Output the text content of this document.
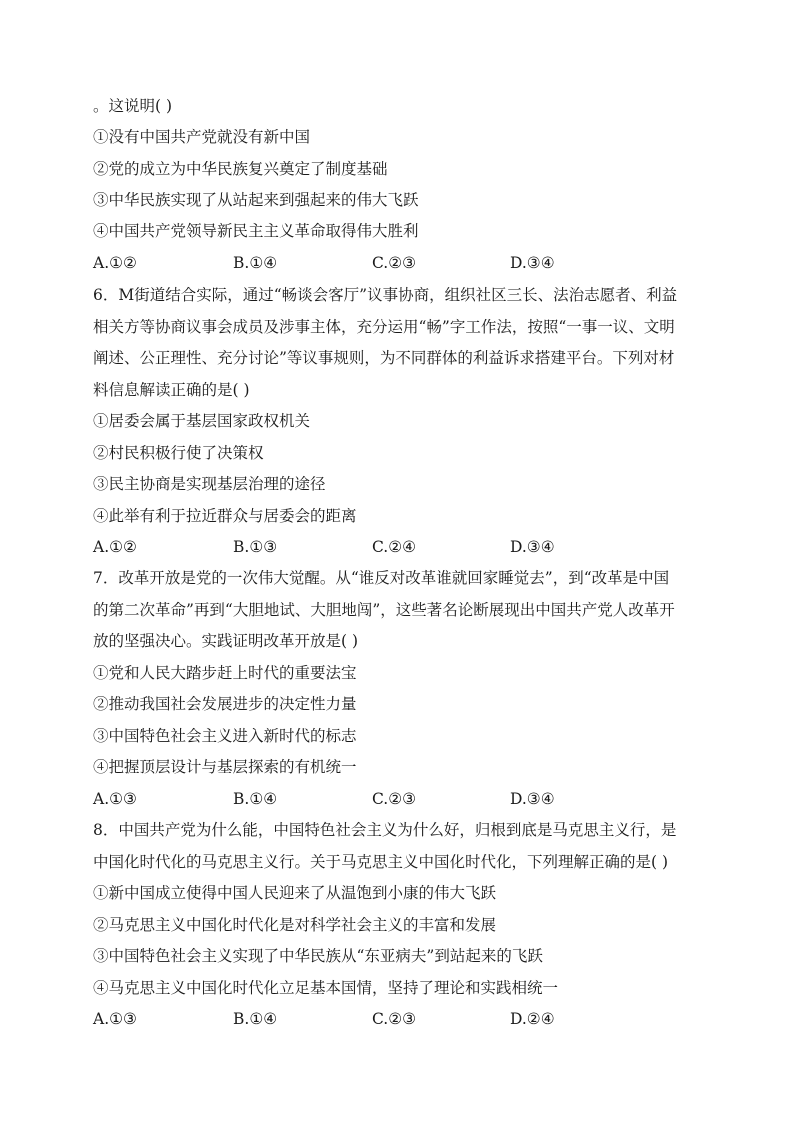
。这说明( )
①没有中国共产党就没有新中国
②党的成立为中华民族复兴奠定了制度基础
③中华民族实现了从站起来到强起来的伟大飞跃
④中国共产党领导新民主主义革命取得伟大胜利
A.①②	B.①④	C.②③	D.③④
6．M街道结合实际，通过“畅谈会客厅”议事协商，组织社区三长、法治志愿者、利益
相关方等协商议事会成员及涉事主体，充分运用“畅”字工作法，按照“一事一议、文明
阐述、公正理性、充分讨论”等议事规则，为不同群体的利益诉求搭建平台。下列对材
料信息解读正确的是( )
①居委会属于基层国家政权机关
②村民积极行使了决策权
③民主协商是实现基层治理的途径
④此举有利于拉近群众与居委会的距离
A.①②	B.①③	C.②④	D.③④
7．改革开放是党的一次伟大觉醒。从“谁反对改革谁就回家睡觉去”，到“改革是中国
的第二次革命”再到“大胆地试、大胆地闯”，这些著名论断展现出中国共产党人改革开
放的坚强决心。实践证明改革开放是( )
①党和人民大踏步赶上时代的重要法宝
②推动我国社会发展进步的决定性力量
③中国特色社会主义进入新时代的标志
④把握顶层设计与基层探索的有机统一
A.①③	B.①④	C.②③	D.③④
8．中国共产党为什么能，中国特色社会主义为什么好，归根到底是马克思主义行，是
中国化时代化的马克思主义行。关于马克思主义中国化时代化，下列理解正确的是( )
①新中国成立使得中国人民迎来了从温饱到小康的伟大飞跃
②马克思主义中国化时代化是对科学社会主义的丰富和发展
③中国特色社会主义实现了中华民族从“东亚病夫”到站起来的飞跃
④马克思主义中国化时代化立足基本国情，坚持了理论和实践相统一
A.①③	B.①④	C.②③	D.②④
